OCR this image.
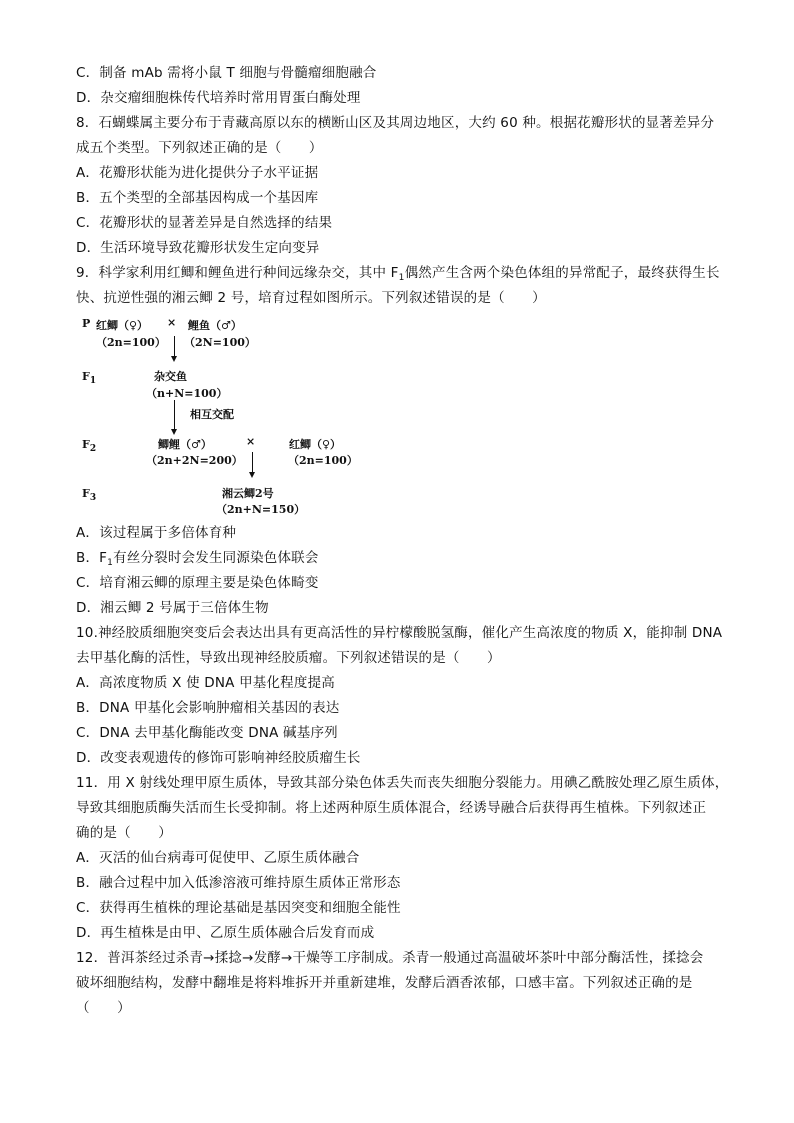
C．制备 mAb 需将小鼠 T 细胞与骨髓瘤细胞融合
D．杂交瘤细胞株传代培养时常用胃蛋白酶处理
8．石蝴蝶属主要分布于青藏高原以东的横断山区及其周边地区，大约 60 种。根据花瓣形状的显著差异分
成五个类型。下列叙述正确的是（　　）
A．花瓣形状能为进化提供分子水平证据
B．五个类型的全部基因构成一个基因库
C．花瓣形状的显著差异是自然选择的结果
D．生活环境导致花瓣形状发生定向变异
9．科学家利用红鲫和鲤鱼进行种间远缘杂交，其中 $F_1$偶然产生含两个染色体组的异常配子，最终获得生长
快、抗逆性强的湘云鲫 2 号，培育过程如图所示。下列叙述错误的是（　　）
P 红鲫（♀） × 鲤鱼（♂）
（2n=100） （2N=100）
$F_1$	杂交鱼
（n+N=100）
相互交配
$F_2$	鲫鲤（♂）	×	红鲫（♀）
（2n+2N=200）	（2n=100）
$F_3$	湘云鲫2号
（2n+N=150）
A．该过程属于多倍体育种
B．$F_1$有丝分裂时会发生同源染色体联会
C．培育湘云鲫的原理主要是染色体畸变
D．湘云鲫 2 号属于三倍体生物
10.神经胶质细胞突变后会表达出具有更高活性的异柠檬酸脱氢酶，催化产生高浓度的物质 X，能抑制 DNA
去甲基化酶的活性，导致出现神经胶质瘤。下列叙述错误的是（　　）
A．高浓度物质 X 使 DNA 甲基化程度提高
B．DNA 甲基化会影响肿瘤相关基因的表达
C．DNA 去甲基化酶能改变 DNA 碱基序列
D．改变表观遗传的修饰可影响神经胶质瘤生长
11．用 X 射线处理甲原生质体，导致其部分染色体丢失而丧失细胞分裂能力。用碘乙酰胺处理乙原生质体，
导致其细胞质酶失活而生长受抑制。将上述两种原生质体混合，经诱导融合后获得再生植株。下列叙述正
确的是（　　）
A．灭活的仙台病毒可促使甲、乙原生质体融合
B．融合过程中加入低渗溶液可维持原生质体正常形态
C．获得再生植株的理论基础是基因突变和细胞全能性
D．再生植株是由甲、乙原生质体融合后发育而成
12．普洱茶经过杀青→揉捻→发酵→干燥等工序制成。杀青一般通过高温破坏茶叶中部分酶活性，揉捻会
破坏细胞结构，发酵中翻堆是将料堆拆开并重新建堆，发酵后酒香浓郁，口感丰富。下列叙述正确的是
（　　）
